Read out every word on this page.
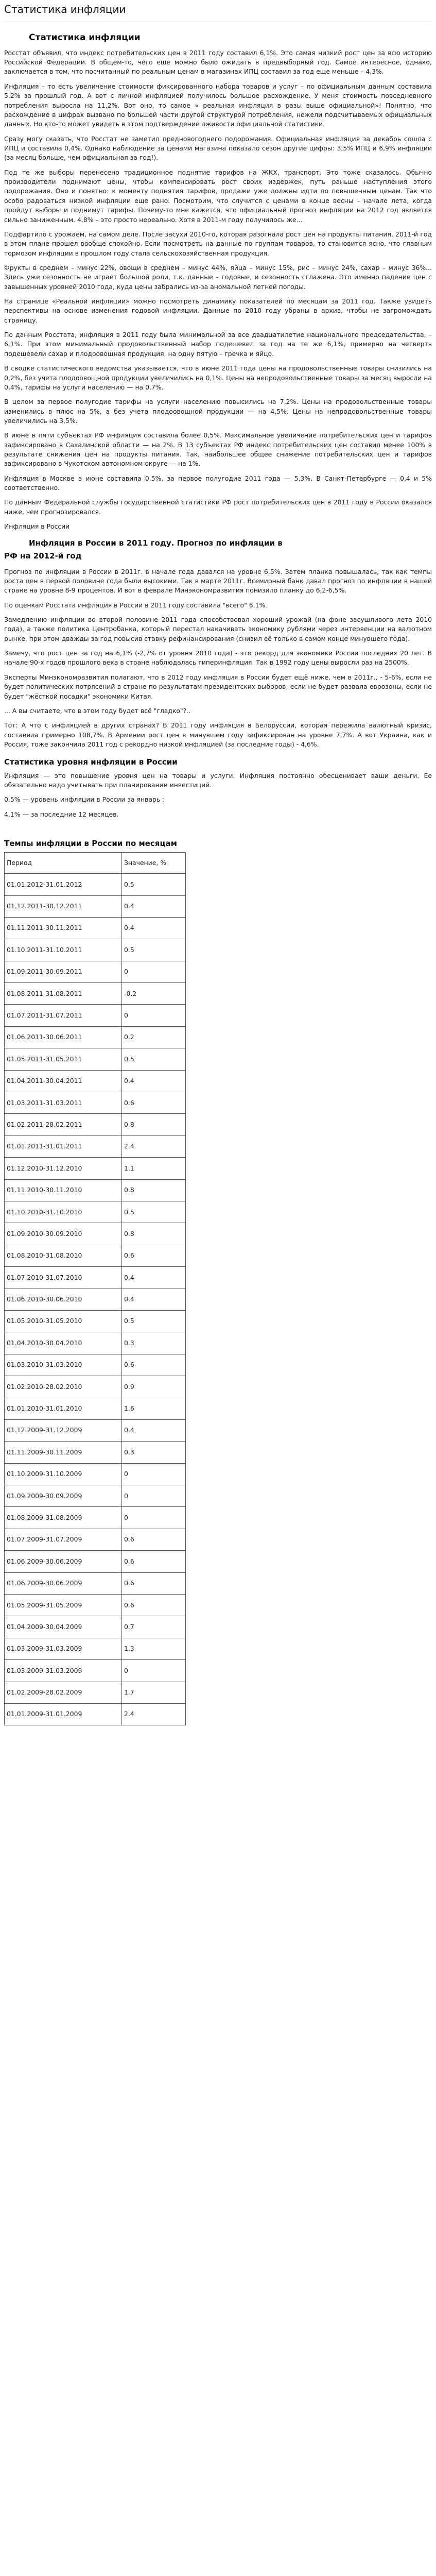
Статистика инфляции
Статистика инфляции

Росстат объявил, что индекс потребительских цен в 2011 году составил 6,1%. Это самая низкий рост цен за всю историю Российской Федерации. В общем-то, чего еще можно было ожидать в предвыборный год. Самое интересное, однако, заключается в том, что посчитанный по реальным ценам в магазинах ИПЦ составил за год еще меньше – 4,3%.

Инфляция – то есть увеличение стоимости фиксированного набора товаров и услуг – по официальным данным составила 5,2% за прошлый год. А вот с личной инфляцией получилось большое расхождение. У меня стоимость повседневного потребления выросла на 11,2%. Вот оно, то самое « реальная инфляция в разы выше официальной»! Понятно, что расхождение в цифрах вызвано по большей части другой структурой потребления, нежели подсчитываемых официальных данных. Но кто-то может увидеть в этом подтверждение лживости официальной статистики.

Сразу могу сказать, что Росстат не заметил предновогоднего подорожания. Официальная инфляция за декабрь сошла с ИПЦ и составила 0,4%. Однако наблюдение за ценами магазина показало сезон другие цифры: 3,5% ИПЦ и 6,9% инфляции (за месяц больше, чем официальная за год!).

Под те же выборы перенесено традиционное поднятие тарифов на ЖКХ, транспорт. Это тоже сказалось. Обычно производители поднимают цены, чтобы компенсировать рост своих издержек, путь раньше наступления этого подорожания. Оно и понятно: к моменту поднятия тарифов, продажи уже должны идти по повышенным ценам. Так что особо радоваться низкой инфляции еще рано. Посмотрим, что случится с ценами в конце весны – начале лета, когда пройдут выборы и поднимут тарифы. Почему-то мне кажется, что официальный прогноз инфляции на 2012 год является сильно заниженным. 4,8% – это просто нереально. Хотя в 2011-м году получилось же…

Подфартило с урожаем, на самом деле. После засухи 2010-го, которая разогнала рост цен на продукты питания, 2011-й год в этом плане прошел вообще спокойно. Если посмотреть на данные по группам товаров, то становится ясно, что главным тормозом инфляции в прошлом году стала сельскохозяйственная продукция.

Фрукты в среднем – минус 22%, овощи в среднем – минус 44%, яйца – минус 15%, рис – минус 24%, сахар – минус 36%... Здесь уже сезонность не играет большой роли, т.к. данные – годовые, и сезонность сглажена. Это именно падение цен с завышенных уровней 2010 года, куда цены забрались из-за аномальной летней погоды.

На странице «Реальной инфляции» можно посмотреть динамику показателей по месяцам за 2011 год. Также увидеть перспективы на основе изменения годовой инфляции. Данные по 2010 году убраны в архив, чтобы не загромождать страницу.

По данным Росстата, инфляция в 2011 году была минимальной за все двадцатилетие национального председательства, – 6,1%. При этом минимальный продовольственный набор подешевел за год на те же 6,1%, примерно на четверть подешевели сахар и плодоовощная продукция, на одну пятую – гречка и яйцо.

В сводке статистического ведомства указывается, что в июне 2011 года цены на продовольственные товары снизились на 0,2%, без учета плодоовощной продукции увеличились на 0,1%. Цены на непродовольственные товары за месяц выросли на 0,4%, тарифы на услуги населению — на 0,7%.

В целом за первое полугодие тарифы на услуги населению повысились на 7,2%. Цены на продовольственные товары изменились в плюс на 5%, а без учета плодоовощной продукции — на 4,5%. Цены на непродовольственные товары увеличились на 3,5%.

В июне в пяти субъектах РФ инфляция составила более 0,5%. Максимальное увеличение потребительских цен и тарифов зафиксировано в Сахалинской области — на 2%. В 13 субъектах РФ индекс потребительских цен составил менее 100% в результате снижения цен на продукты питания. Так, наибольшее общее снижение потребительских цен и тарифов зафиксировано в Чукотском автономном округе — на 1%.

Инфляция в Москве в июне составила 0,5%, за первое полугодие 2011 года — 5,3%. В Санкт-Петербурге — 0,4 и 5% соответственно.

По данным Федеральной службы государственной статистики РФ рост потребительских цен в 2011 году в России оказался ниже, чем прогнозировался.

Инфляция в России

Инфляция в России в 2011 году. Прогноз по инфляции в
РФ на 2012-й год

Прогноз по инфляции в России в 2011г. в начале года давался на уровне 6,5%. Затем планка повышалась, так как темпы роста цен в первой половине года были высокими. Так в марте 2011г. Всемирный банк давал прогноз по инфляции в нашей стране на уровне 8-9 процентов. И вот в феврале Минэкономразвития понизило планку до 6,2-6,5%.

По оценкам Росстата инфляция в России в 2011 году составила "всего" 6,1%.

Замедлению инфляции во второй половине 2011 года способствовал хороший урожай (на фоне засушливого лета 2010 года), а также политика Центробанка, который перестал накачивать экономику рублями через интервенции на валютном рынке, при этом дважды за год повысив ставку рефинансирования (снизил её только в самом конце минувшего года).

Замечу, что рост цен за год на 6,1% (-2,7% от уровня 2010 года) - это рекорд для экономики России последних 20 лет. В начале 90-х годов прошлого века в стране наблюдалась гиперинфляция. Так в 1992 году цены выросли раз на 2500%.

Эксперты Минэкономразвития полагают, что в 2012 году инфляция в России будет ещё ниже, чем в 2011г., - 5-6%, если не будет политических потрясений в стране по результатам президентских выборов, если не будет развала еврозоны, если не будет "жёсткой посадки" экономики Китая.

... А вы считаете, что в этом году будет всё "гладко"?..

Тот: А что с инфляцией в других странах? В 2011 году инфляция в Белоруссии, которая пережила валютный кризис, составила примерно 108,7%. В Армении рост цен в минувшем году зафиксирован на уровне 7,7%. А вот Украина, как и Россия, тоже закончила 2011 год с рекордно низкой инфляцией (за последние годы) - 4,6%.

Статистика уровня инфляции в России

Инфляция — это повышение уровня цен на товары и услуги. Инфляция постоянно обесценивает ваши деньги. Ее обязательно надо учитывать при планировании инвестиций.

0.5% — уровень инфляции в России за январь ;

4.1% — за последние 12 месяцев.

Темпы инфляции в России по месяцам
Период	Значение, %
01.01.2012-31.01.2012	0.5
01.12.2011-30.12.2011	0.4
01.11.2011-30.11.2011	0.4
01.10.2011-31.10.2011	0.5
01.09.2011-30.09.2011	0
01.08.2011-31.08.2011	-0.2
01.07.2011-31.07.2011	0
01.06.2011-30.06.2011	0.2
01.05.2011-31.05.2011	0.5
01.04.2011-30.04.2011	0.4
01.03.2011-31.03.2011	0.6
01.02.2011-28.02.2011	0.8
01.01.2011-31.01.2011	2.4
01.12.2010-31.12.2010	1.1
01.11.2010-30.11.2010	0.8
01.10.2010-31.10.2010	0.5
01.09.2010-30.09.2010	0.8
01.08.2010-31.08.2010	0.6
01.07.2010-31.07.2010	0.4
01.06.2010-30.06.2010	0.4
01.05.2010-31.05.2010	0.5
01.04.2010-30.04.2010	0.3
01.03.2010-31.03.2010	0.6
01.02.2010-28.02.2010	0.9
01.01.2010-31.01.2010	1.6
01.12.2009-31.12.2009	0.4
01.11.2009-30.11.2009	0.3
01.10.2009-31.10.2009	0
01.09.2009-30.09.2009	0
01.08.2009-31.08.2009	0
01.07.2009-31.07.2009	0.6
01.06.2009-30.06.2009	0.6
01.06.2009-30.06.2009	0.6
01.05.2009-31.05.2009	0.6
01.04.2009-30.04.2009	0.7
01.03.2009-31.03.2009	1.3
01.03.2009-31.03.2009	0
01.02.2009-28.02.2009	1.7
01.01.2009-31.01.2009	2.4
